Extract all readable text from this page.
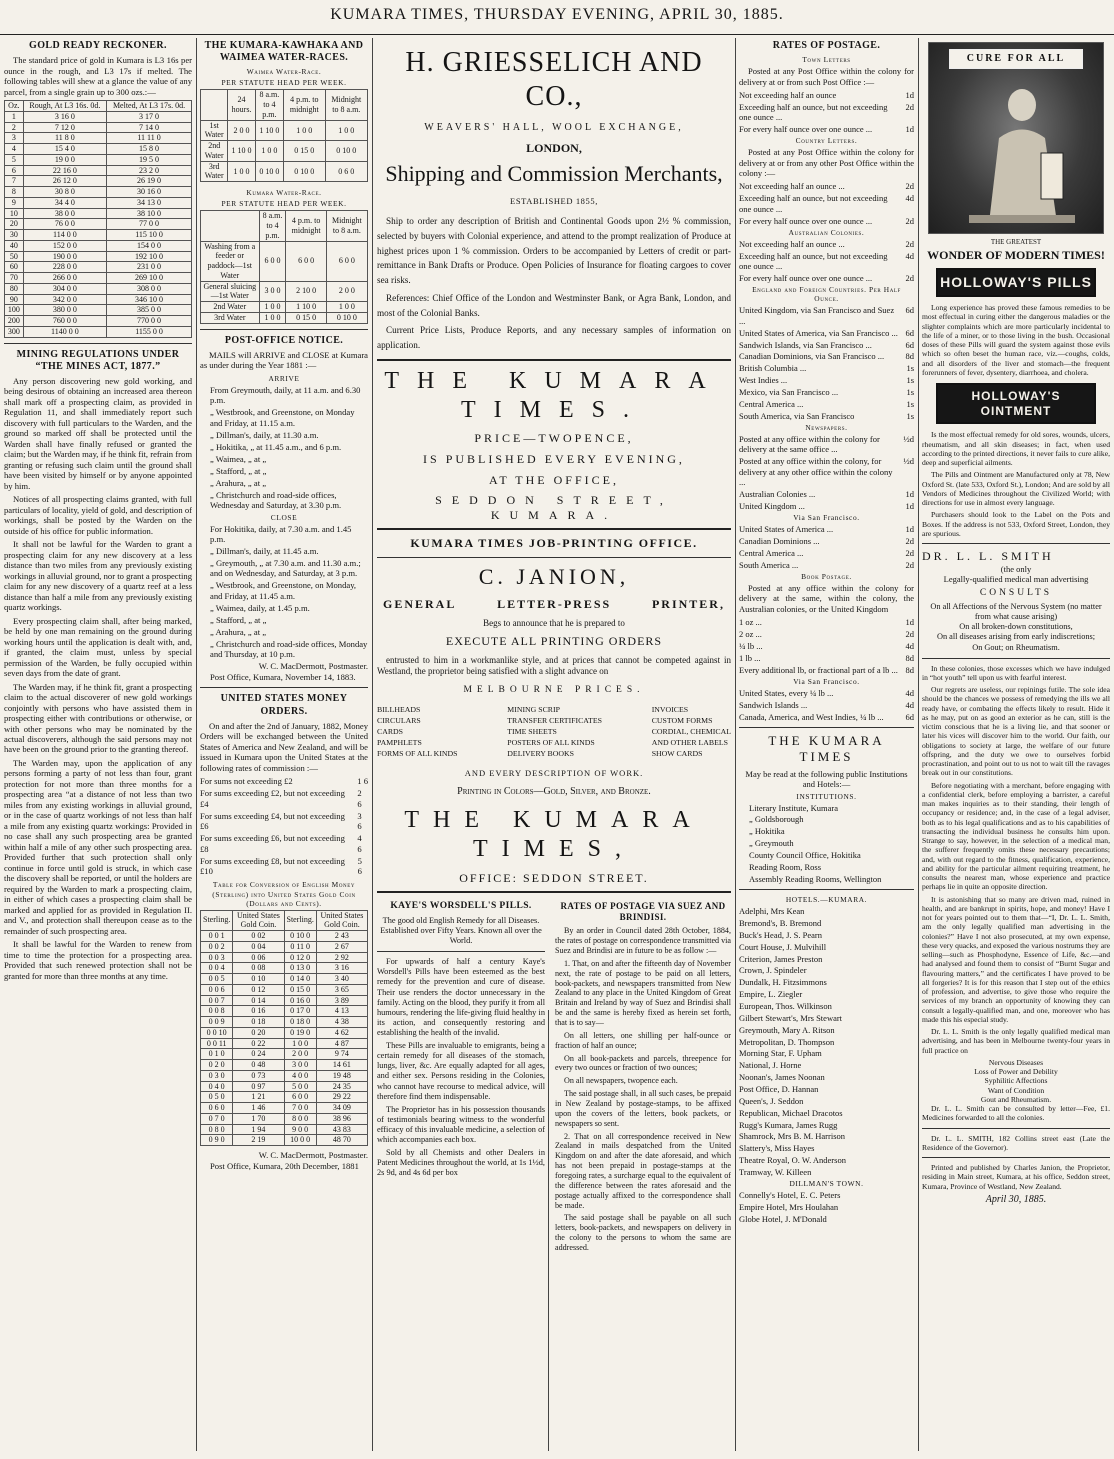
KUMARA TIMES, THURSDAY EVENING, APRIL 30, 1885.
GOLD READY RECKONER.

The standard price of gold in Kumara is L3 16s per ounce in the rough, and L3 17s if melted. The following tables will shew at a glance the value of any parcel, from a single grain up to 300 ozs.:—

Oz.	Rough, At L3 16s. 0d.	Melted, At L3 17s. 0d.
1	3 16 0	3 17 0
2	7 12 0	7 14 0
3	11 8 0	11 11 0
4	15 4 0	15 8 0
5	19 0 0	19 5 0
6	22 16 0	23 2 0
7	26 12 0	26 19 0
8	30 8 0	30 16 0
9	34 4 0	34 13 0
10	38 0 0	38 10 0
20	76 0 0	77 0 0
30	114 0 0	115 10 0
40	152 0 0	154 0 0
50	190 0 0	192 10 0
60	228 0 0	231 0 0
70	266 0 0	269 10 0
80	304 0 0	308 0 0
90	342 0 0	346 10 0
100	380 0 0	385 0 0
200	760 0 0	770 0 0
300	1140 0 0	1155 0 0
MINING REGULATIONS UNDER “THE MINES ACT, 1877.”

Any person discovering new gold working, and being desirous of obtaining an increased area thereon shall mark off a prospecting claim, as provided in Regulation 11, and shall immediately report such discovery with full particulars to the Warden, and the ground so marked off shall be protected until the Warden shall have finally refused or granted the claim; but the Warden may, if he think fit, refrain from granting or refusing such claim until the ground shall have been visited by himself or by anyone appointed by him.

Notices of all prospecting claims granted, with full particulars of locality, yield of gold, and description of workings, shall be posted by the Warden on the outside of his office for public information.

It shall not be lawful for the Warden to grant a prospecting claim for any new discovery at a less distance than two miles from any previously existing workings in alluvial ground, nor to grant a prospecting claim for any new discovery of a quartz reef at a less distance than half a mile from any previously existing quartz workings.

Every prospecting claim shall, after being marked, be held by one man remaining on the ground during working hours until the application is dealt with, and, if granted, the claim must, unless by special permission of the Warden, be fully occupied within seven days from the date of grant.

The Warden may, if he think fit, grant a prospecting claim to the actual discoverer of new gold workings conjointly with persons who have assisted them in prospecting either with contributions or otherwise, or with other persons who may be nominated by the actual discoverers, although the said persons may not have been on the ground prior to the granting thereof.

The Warden may, upon the application of any persons forming a party of not less than four, grant protection for not more than three months for a prospecting area “at a distance of not less than two miles from any existing workings in alluvial ground, or in the case of quartz workings of not less than half a mile from any existing quartz workings: Provided in no case shall any such prospecting area be granted within half a mile of any other such prospecting area. Provided further that such protection shall only continue in force until gold is struck, in which case the discovery shall be reported, or until the holders are required by the Warden to mark a prospecting claim, in either of which cases a prospecting claim shall be marked and applied for as provided in Regulation II. and V., and protection shall thereupon cease as to the remainder of such prospecting area.

It shall be lawful for the Warden to renew from time to time the protection for a prospecting area. Provided that such renewed protection shall not be granted for more than three months at any time.

THE KUMARA-KAWHAKA AND WAIMEA WATER-RACES.
Waimea Water-Race.
PER STATUTE HEAD PER WEEK.
	24 hours.	8 a.m. to 4 p.m.	4 p.m. to midnight	Midnight to 8 a.m.
1st Water	2 0 0	1 10 0	1 0 0	1 0 0
2nd Water	1 10 0	1 0 0	0 15 0	0 10 0
3rd Water	1 0 0	0 10 0	0 10 0	0 6 0
Kumara Water-Race.
PER STATUTE HEAD PER WEEK.
	8 a.m. to 4 p.m.	4 p.m. to midnight	Midnight to 8 a.m.
Washing from a feeder or paddock—1st Water	6 0 0	6 0 0	6 0 0
General sluicing—1st Water	3 0 0	2 10 0	2 0 0
2nd Water	1 0 0	1 10 0	1 0 0
3rd Water	1 0 0	0 15 0	0 10 0
POST-OFFICE NOTICE.

MAILS will ARRIVE and CLOSE at Kumara as under during the Year 1881 :—

ARRIVE
From Greymouth, daily, at 11 a.m. and 6.30 p.m.
„ Westbrook, and Greenstone, on Monday and Friday, at 11.15 a.m.
„ Dillman's, daily, at 11.30 a.m.
„ Hokitika, „ at 11.45 a.m., and 6 p.m.
„ Waimea, „ at „
„ Stafford, „ at „
„ Arahura, „ at „
„ Christchurch and road-side offices, Wednesday and Saturday, at 3.30 p.m.
CLOSE
For Hokitika, daily, at 7.30 a.m. and 1.45 p.m.
„ Dillman's, daily, at 11.45 a.m.
„ Greymouth, „ at 7.30 a.m. and 11.30 a.m.; and on Wednesday, and Saturday, at 3 p.m.
„ Westbrook, and Greenstone, on Monday, and Friday, at 11.45 a.m.
„ Waimea, daily, at 1.45 p.m.
„ Stafford, „ at „
„ Arahura, „ at „
„ Christchurch and road-side offices, Monday and Thursday, at 10 p.m.
W. C. MacDermott, Postmaster.
Post Office, Kumara, November 14, 1883.
UNITED STATES MONEY ORDERS.

On and after the 2nd of January, 1882, Money Orders will be exchanged between the United States of America and New Zealand, and will be issued in Kumara upon the United States at the following rates of commission :—

For sums not exceeding £2	1 6
For sums exceeding £2, but not exceeding £4
2 6
For sums exceeding £4, but not exceeding £6
3 6
For sums exceeding £6, but not exceeding £8
4 6
For sums exceeding £8, but not exceeding £10
5 6
Table for Conversion of English Money (Sterling) into United States Gold Coin (Dollars and Cents).
Sterling.	United States Gold Coin.	Sterling.	United States Gold Coin.
0 0 1	0 02	0 10 0	2 43
0 0 2	0 04	0 11 0	2 67
0 0 3	0 06	0 12 0	2 92
0 0 4	0 08	0 13 0	3 16
0 0 5	0 10	0 14 0	3 40
0 0 6	0 12	0 15 0	3 65
0 0 7	0 14	0 16 0	3 89
0 0 8	0 16	0 17 0	4 13
0 0 9	0 18	0 18 0	4 38
0 0 10	0 20	0 19 0	4 62
0 0 11	0 22	1 0 0	4 87
0 1 0	0 24	2 0 0	9 74
0 2 0	0 48	3 0 0	14 61
0 3 0	0 73	4 0 0	19 48
0 4 0	0 97	5 0 0	24 35
0 5 0	1 21	6 0 0	29 22
0 6 0	1 46	7 0 0	34 09
0 7 0	1 70	8 0 0	38 96
0 8 0	1 94	9 0 0	43 83
0 9 0	2 19	10 0 0	48 70
W. C. MacDermott, Postmaster.
Post Office, Kumara, 20th December, 1881
H. GRIESSELICH AND CO.,
WEAVERS' HALL, WOOL EXCHANGE,
LONDON,
Shipping and Commission Merchants,
ESTABLISHED 1855,

Ship to order any description of British and Continental Goods upon 2½ % commission, selected by buyers with Colonial experience, and attend to the prompt realization of Produce at highest prices upon 1 % commission. Orders to be accompanied by Letters of credit or part-remittance in Bank Drafts or Produce. Open Policies of Insurance for floating cargoes to cover sea risks.

References: Chief Office of the London and Westminster Bank, or Agra Bank, London, and most of the Colonial Banks.

Current Price Lists, Produce Reports, and any necessary samples of information on application.

THE KUMARA TIMES.
PRICE—TWOPENCE,
IS PUBLISHED EVERY EVENING,
AT THE OFFICE,
SEDDON STREET, KUMARA.
KUMARA TIMES JOB-PRINTING OFFICE.
C. JANION,
GENERAL	LETTER-PRESS	PRINTER,
Begs to announce that he is prepared to
EXECUTE ALL PRINTING ORDERS

entrusted to him in a workmanlike style, and at prices that cannot be competed against in Westland, the proprietor being satisfied with a slight advance on

MELBOURNE PRICES.
BILLHEADS
CIRCULARS
CARDS
PAMPHLETS
FORMS OF ALL KINDS
MINING SCRIP
TRANSFER CERTIFICATES
TIME SHEETS
POSTERS OF ALL KINDS
DELIVERY BOOKS
INVOICES
CUSTOM FORMS
CORDIAL, CHEMICAL
AND OTHER LABELS
SHOW CARDS
AND EVERY DESCRIPTION OF WORK.
Printing in Colors—Gold, Silver, and Bronze.
THE KUMARA TIMES,
OFFICE: SEDDON STREET.
KAYE'S WORSDELL'S PILLS.
The good old English Remedy for all Diseases.
Established over Fifty Years. Known all over the World.

For upwards of half a century Kaye's Worsdell's Pills have been esteemed as the best remedy for the prevention and cure of disease. Their use renders the doctor unnecessary in the family. Acting on the blood, they purify it from all humours, rendering the life-giving fluid healthy in its action, and consequently restoring and establishing the health of the invalid.

These Pills are invaluable to emigrants, being a certain remedy for all diseases of the stomach, lungs, liver, &c. Are equally adapted for all ages, and either sex. Persons residing in the Colonies, who cannot have recourse to medical advice, will therefore find them indispensable.

The Proprietor has in his possession thousands of testimonials bearing witness to the wonderful efficacy of this invaluable medicine, a selection of which accompanies each box.

Sold by all Chemists and other Dealers in Patent Medicines throughout the world, at 1s 1½d, 2s 9d, and 4s 6d per box

RATES OF POSTAGE VIA SUEZ AND BRINDISI.

By an order in Council dated 28th October, 1884, the rates of postage on correspondence transmitted via Suez and Brindisi are in future to be as follow :—

1. That, on and after the fifteenth day of November next, the rate of postage to be paid on all letters, book-packets, and newspapers transmitted from New Zealand to any place in the United Kingdom of Great Britain and Ireland by way of Suez and Brindisi shall be and the same is hereby fixed as herein set forth, that is to say—

On all letters, one shilling per half-ounce or fraction of half an ounce;

On all book-packets and parcels, threepence for every two ounces or fraction of two ounces;

On all newspapers, twopence each.

The said postage shall, in all such cases, be prepaid in New Zealand by postage-stamps, to be affixed upon the covers of the letters, book packets, or newspapers so sent.

2. That on all correspondence received in New Zealand in mails despatched from the United Kingdom on and after the date aforesaid, and which has not been prepaid in postage-stamps at the foregoing rates, a surcharge equal to the equivalent of the difference between the rates aforesaid and the postage actually affixed to the correspondence shall be made.

The said postage shall be payable on all such letters, book-packets, and newspapers on delivery in the colony to the persons to whom the same are addressed.

RATES OF POSTAGE.
Town Letters

Posted at any Post Office within the colony for delivery at or from such Post Office :—

Not exceeding half an ounce	1d
Exceeding half an ounce, but not exceeding one ounce ...
2d
For every half ounce over one ounce ...	1d
Country Letters.

Posted at any Post Office within the colony for delivery at or from any other Post Office within the colony :—

Not exceeding half an ounce ...	2d
Exceeding half an ounce, but not exceeding one ounce ...
4d
For every half ounce over one ounce ...	2d
Australian Colonies.
Not exceeding half an ounce ...	2d
Exceeding half an ounce, but not exceeding one ounce ...
4d
For every half ounce over one ounce ...	2d
England and Foreign Countries. Per Half Ounce.
United Kingdom, via San Francisco and Suez ...
6d
United States of America, via San Francisco ... 6d
Sandwich Islands, via San Francisco ...	6d
Canadian Dominions, via San Francisco ...	8d
British Columbia ...	1s
West Indies ...	1s
Mexico, via San Francisco ...	1s
Central America ...	1s
South America, via San Francisco	1s
Newspapers.
Posted at any office within the colony for delivery at the same office ...
½d
Posted at any office within the colony, for delivery at any other office within the colony ...
½d
Australian Colonies ...	1d
United Kingdom ...	1d
Via San Francisco.
United States of America ...	1d
Canadian Dominions ...	2d
Central America ...	2d
South America ...	2d
Book Postage.

Posted at any office within the colony for delivery at the same, within the colony, the Australian colonies, or the United Kingdom

1 oz ...	1d
2 oz ...	2d
¼ lb ...	4d
1 lb ...	8d
Every additional lb, or fractional part of a lb ... 8d
Via San Francisco.
United States, every ¼ lb ...	4d
Sandwich Islands ...	4d
Canada, America, and West Indies, ¼ lb ...	6d
THE KUMARA TIMES
May be read at the following public Institutions and Hotels:—
INSTITUTIONS.
Literary Institute, Kumara
„ Goldsborough
„ Hokitika
„ Greymouth
County Council Office, Hokitika
Reading Room, Ross
Assembly Reading Rooms, Wellington
HOTELS.—KUMARA.
Adelphi, Mrs Kean
Bremond's, B. Bremond
Buck's Head, J. S. Pearn
Court House, J. Mulvihill
Criterion, James Preston
Crown, J. Spindeler
Dundalk, H. Fitzsimmons
Empire, L. Ziegler
European, Thos. Wilkinson
Gilbert Stewart's, Mrs Stewart
Greymouth, Mary A. Ritson
Metropolitan, D. Thompson
Morning Star, F. Upham
National, J. Horne
Noonan's, James Noonan
Post Office, D. Hannan
Queen's, J. Seddon
Republican, Michael Dracotos
Rugg's Kumara, James Rugg
Shamrock, Mrs B. M. Harrison
Slattery's, Miss Hayes
Theatre Royal, O. W. Anderson
Tramway, W. Killeen
DILLMAN'S TOWN.
Connelly's Hotel, E. C. Peters
Empire Hotel, Mrs Houlahan
Globe Hotel, J. M'Donald
CURE FOR ALL
THE GREATEST
WONDER OF MODERN TIMES!
HOLLOWAY'S PILLS

Long experience has proved these famous remedies to be most effectual in curing either the dangerous maladies or the slighter complaints which are more particularly incidental to the life of a miner, or to those living in the bush. Occasional doses of these Pills will guard the system against those evils which so often beset the human race, viz.—coughs, colds, and all disorders of the liver and stomach—the frequent forerunners of fever, dysentery, diarrhoea, and cholera.

HOLLOWAY'S OINTMENT

Is the most effectual remedy for old sores, wounds, ulcers, rheumatism, and all skin diseases; in fact, when used according to the printed directions, it never fails to cure alike, deep and superficial ailments.

The Pills and Ointment are Manufactured only at 78, New Oxford St. (late 533, Oxford St.), London; And are sold by all Vendors of Medicines throughout the Civilized World; with directions for use in almost every language.

Purchasers should look to the Label on the Pots and Boxes. If the address is not 533, Oxford Street, London, they are spurious.

DR. L. L. SMITH
(the only
Legally-qualified medical man advertising
CONSULTS
On all Affections of the Nervous System (no matter from what cause arising)
On all broken-down constitutions,
On all diseases arising from early indiscretions;
On Gout; on Rheumatism.

In these colonies, those excesses which we have indulged in “hot youth” tell upon us with fearful interest.

Our regrets are useless, our repinings futile. The sole idea should be the chances we possess of remedying the ills we all ready have, or combating the effects likely to result. Hide it as he may, put on as good an exterior as he can, still is the victim conscious that he is a living lie, and that sooner or later his vices will discover him to the world. Our faith, our obligations to society at large, the welfare of our future offspring, and the duty we owe to ourselves forbid procrastination, and point out to us not to wait till the ravages break out in our constitutions.

Before negotiating with a merchant, before engaging with a confidential clerk, before employing a barrister, a careful man makes inquiries as to their standing, their length of occupancy or residence; and, in the case of a legal adviser, both as to his legal qualifications and as to his capabilities of transacting the individual business he consults him upon. Strange to say, however, in the selection of a medical man, the sufferer frequently omits these necessary precautions; and, with out regard to the fitness, qualification, experience, and ability for the particular ailment requiring treatment, he consults the nearest man, whose experience and practice perhaps lie in quite an opposite direction.

It is astonishing that so many are driven mad, ruined in health, and are bankrupt in spirits, hope, and money! Have I not for years pointed out to them that—“I, Dr. L. L. Smith, am the only legally qualified man advertising in the colonies?” Have I not also prosecuted, at my own expense, these very quacks, and exposed the various nostrums they are selling—such as Phosphodyne, Essence of Life, &c.—and had analysed and found them to consist of “Burnt Sugar and flavouring matters,” and the certificates I have proved to be all forgeries? It is for this reason that I step out of the ethics of profession, and advertise, to give those who require the services of my branch an opportunity of knowing they can consult a legally-qualified man, and one, moreover who has made this his especial study.

Dr. L. L. Smith is the only legally qualified medical man advertising, and has been in Melbourne twenty-four years in full practice on

Nervous Diseases
Loss of Power and Debility
Syphilitic Affections
Want of Condition
Gout and Rheumatism.

Dr. L. L. Smith can be consulted by letter—Fee, £1. Medicines forwarded to all the colonies.

Dr. L. L. SMITH, 182 Collins street east (Late the Residence of the Governor).

Printed and published by Charles Janion, the Proprietor, residing in Main street, Kumara, at his office, Seddon street, Kumara, Province of Westland, New Zealand.

April 30, 1885.
